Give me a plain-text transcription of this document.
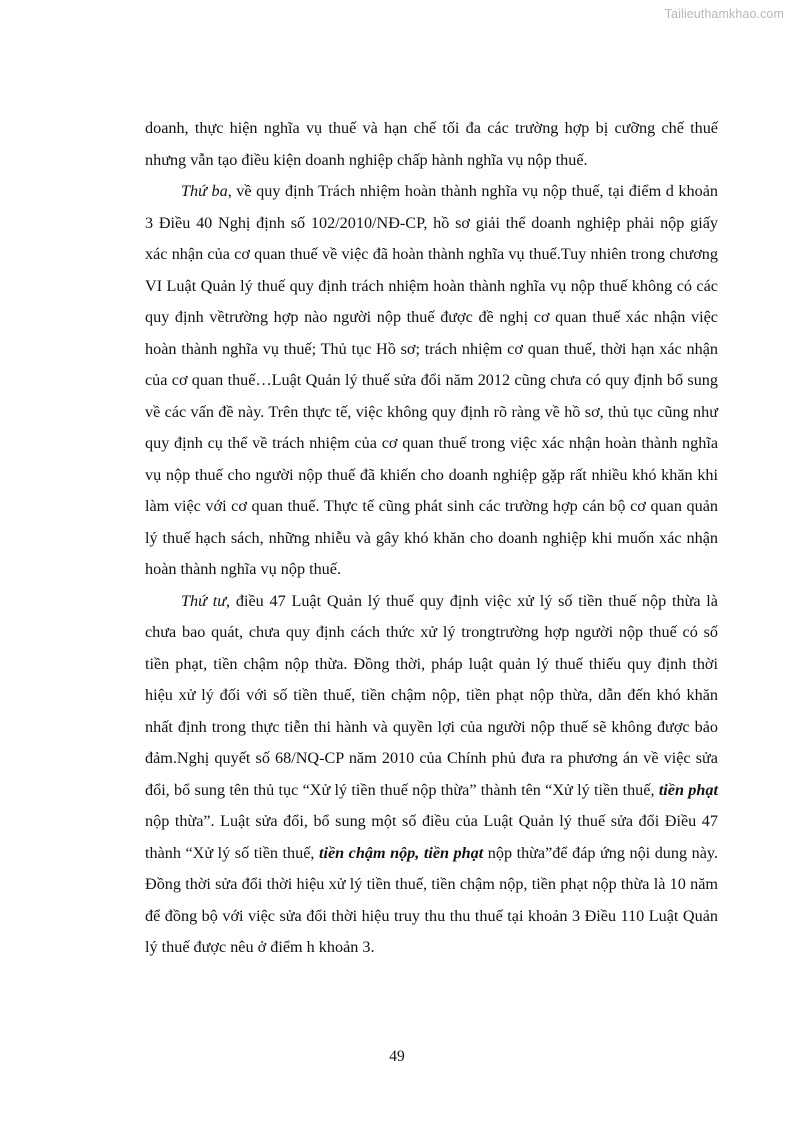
Tailieuthamkhao.com

doanh, thực hiện nghĩa vụ thuế và hạn chế tối đa các trường hợp bị cưỡng chế thuế nhưng vẫn tạo điều kiện doanh nghiệp chấp hành nghĩa vụ nộp thuế.

Thứ ba, về quy định Trách nhiệm hoàn thành nghĩa vụ nộp thuế, tại điểm d khoản 3 Điều 40 Nghị định số 102/2010/NĐ-CP, hồ sơ giải thể doanh nghiệp phải nộp giấy xác nhận của cơ quan thuế về việc đã hoàn thành nghĩa vụ thuế.Tuy nhiên trong chương VI Luật Quản lý thuế quy định trách nhiệm hoàn thành nghĩa vụ nộp thuế không có các quy định vềtrường hợp nào người nộp thuế được đề nghị cơ quan thuế xác nhận việc hoàn thành nghĩa vụ thuế; Thủ tục Hồ sơ; trách nhiệm cơ quan thuế, thời hạn xác nhận của cơ quan thuế…Luật Quản lý thuế sửa đổi năm 2012 cũng chưa có quy định bổ sung về các vấn đề này. Trên thực tế, việc không quy định rõ ràng về hồ sơ, thủ tục cũng như quy định cụ thể về trách nhiệm của cơ quan thuế trong việc xác nhận hoàn thành nghĩa vụ nộp thuế cho người nộp thuế đã khiến cho doanh nghiệp gặp rất nhiều khó khăn khi làm việc với cơ quan thuế. Thực tế cũng phát sinh các trường hợp cán bộ cơ quan quản lý thuế hạch sách, những nhiễu và gây khó khăn cho doanh nghiệp khi muốn xác nhận hoàn thành nghĩa vụ nộp thuế.

Thứ tư, điều 47 Luật Quản lý thuế quy định việc xử lý số tiền thuế nộp thừa là chưa bao quát, chưa quy định cách thức xử lý trongtrường hợp người nộp thuế có số tiền phạt, tiền chậm nộp thừa. Đồng thời, pháp luật quản lý thuế thiếu quy định thời hiệu xử lý đối với số tiền thuế, tiền chậm nộp, tiền phạt nộp thừa, dẫn đến khó khăn nhất định trong thực tiễn thi hành và quyền lợi của người nộp thuế sẽ không được bảo đảm.Nghị quyết số 68/NQ-CP năm 2010 của Chính phủ đưa ra phương án về việc sửa đổi, bổ sung tên thủ tục “Xử lý tiền thuế nộp thừa” thành tên “Xử lý tiền thuế, tiền phạt nộp thừa”. Luật sửa đổi, bổ sung một số điều của Luật Quản lý thuế sửa đổi Điều 47 thành “Xử lý số tiền thuế, tiền chậm nộp, tiền phạt nộp thừa”để đáp ứng nội dung này. Đồng thời sửa đổi thời hiệu xử lý tiền thuế, tiền chậm nộp, tiền phạt nộp thừa là 10 năm để đồng bộ với việc sửa đổi thời hiệu truy thu thu thuế tại khoản 3 Điều 110 Luật Quản lý thuế được nêu ở điểm h khoản 3.

49
